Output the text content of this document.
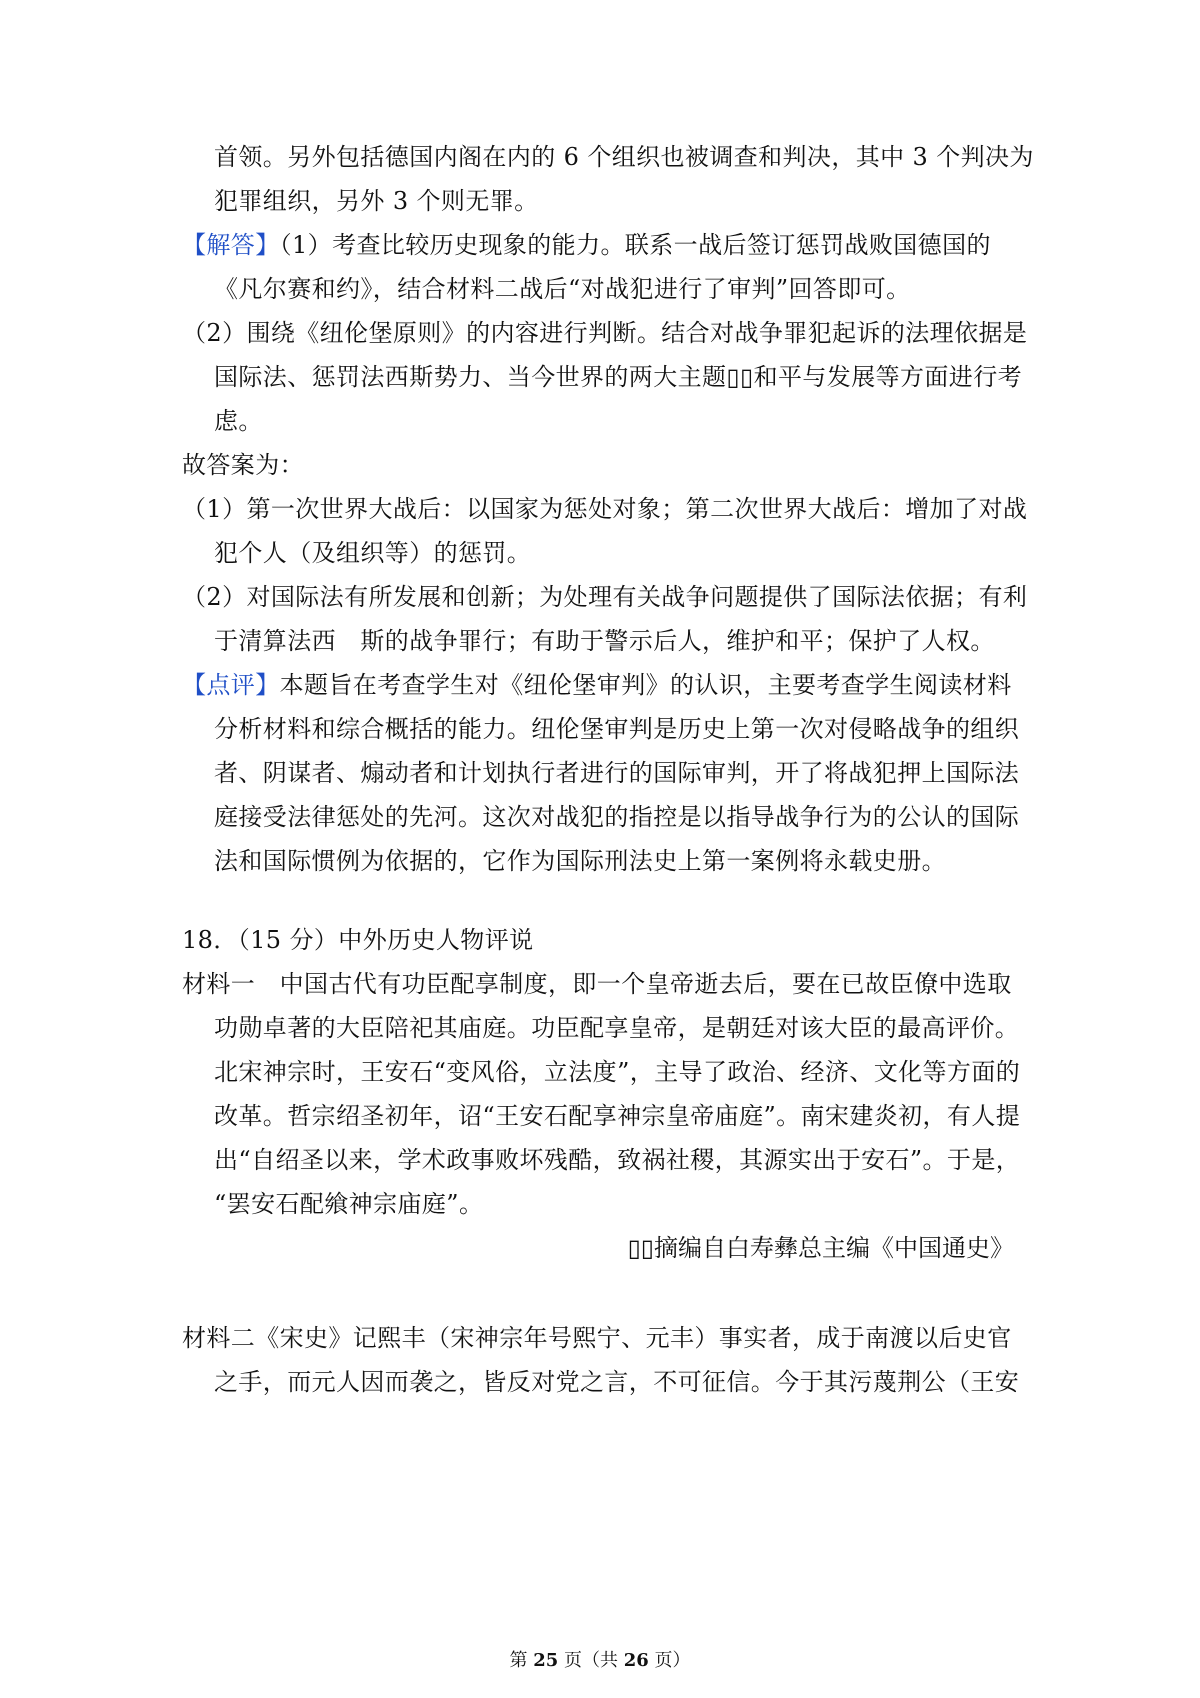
首领。另外包括德国内阁在内的 6 个组织也被调查和判决，其中 3 个判决为
犯罪组织，另外 3 个则无罪。
【解答】（1）考查比较历史现象的能力。联系一战后签订惩罚战败国德国的
《凡尔赛和约》，结合材料二战后“对战犯进行了审判”回答即可。
（2）围绕《纽伦堡原则》的内容进行判断。结合对战争罪犯起诉的法理依据是
国际法、惩罚法西斯势力、当今世界的两大主题▯▯和平与发展等方面进行考
虑。
故答案为：
（1）第一次世界大战后：以国家为惩处对象；第二次世界大战后：增加了对战
犯个人（及组织等）的惩罚。
（2）对国际法有所发展和创新；为处理有关战争问题提供了国际法依据；有利
于清算法西　斯的战争罪行；有助于警示后人，维护和平；保护了人权。
【点评】本题旨在考查学生对《纽伦堡审判》的认识，主要考查学生阅读材料
分析材料和综合概括的能力。纽伦堡审判是历史上第一次对侵略战争的组织
者、阴谋者、煽动者和计划执行者进行的国际审判，开了将战犯押上国际法
庭接受法律惩处的先河。这次对战犯的指控是以指导战争行为的公认的国际
法和国际惯例为依据的，它作为国际刑法史上第一案例将永载史册。
18．（15 分）中外历史人物评说
材料一　中国古代有功臣配享制度，即一个皇帝逝去后，要在已故臣僚中选取
功勋卓著的大臣陪祀其庙庭。功臣配享皇帝，是朝廷对该大臣的最高评价。
北宋神宗时，王安石“变风俗，立法度”，主导了政治、经济、文化等方面的
改革。哲宗绍圣初年，诏“王安石配享神宗皇帝庙庭”。南宋建炎初，有人提
出“自绍圣以来，学术政事败坏残酷，致祸社稷，其源实出于安石”。于是，
“罢安石配飨神宗庙庭”。
▯▯摘编自白寿彝总主编《中国通史》
材料二《宋史》记熙丰（宋神宗年号熙宁、元丰）事实者，成于南渡以后史官
之手，而元人因而袭之，皆反对党之言，不可征信。今于其污蔑荆公（王安
第 25 页（共 26 页）
